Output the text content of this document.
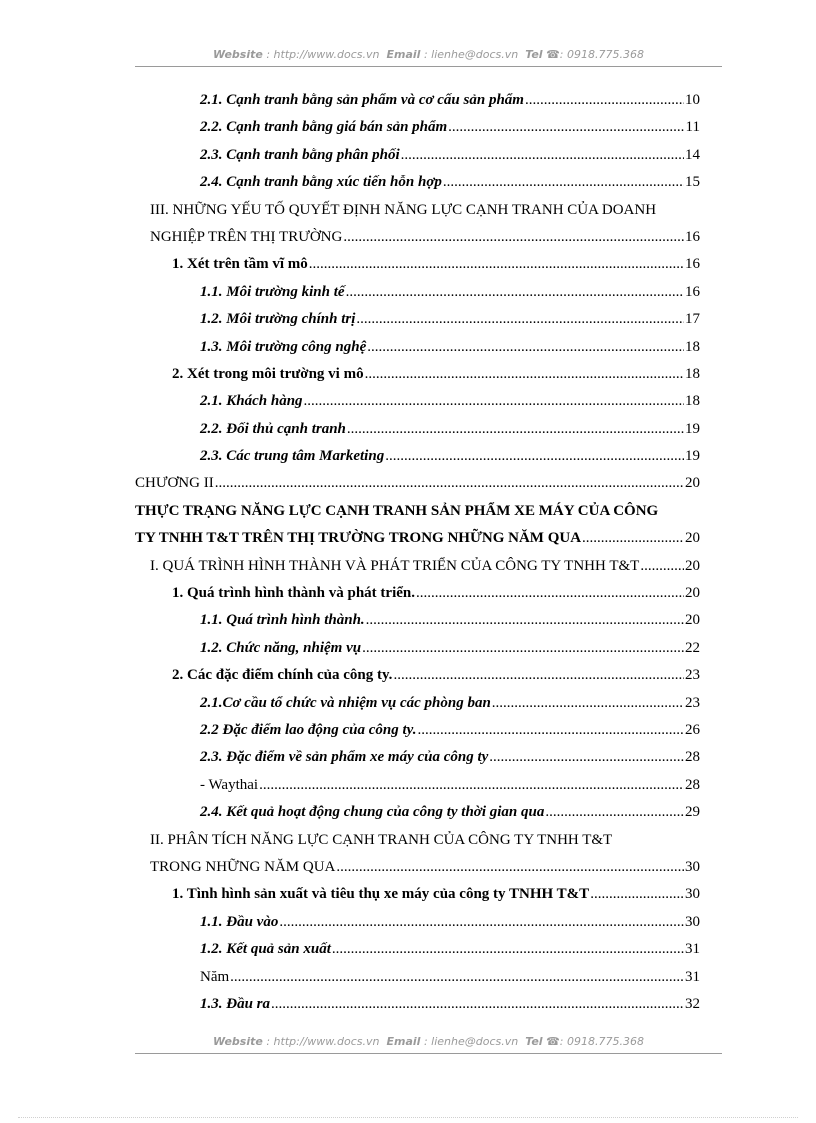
Website : http://www.docs.vn Email : lienhe@docs.vn Tel ☎: 0918.775.368
2.1. Cạnh tranh bằng sản phẩm và cơ cấu sản phẩm .....	10
2.2. Cạnh tranh bằng giá bán sản phẩm .....	11
2.3. Cạnh tranh bằng phân phối .....	14
2.4. Cạnh tranh bằng xúc tiến hỗn hợp .....	15
III. NHỮNG YẾU TỐ QUYẾT ĐỊNH NĂNG LỰC CẠNH TRANH CỦA DOANH
NGHIỆP TRÊN THỊ TRƯỜNG .....	16
1. Xét trên tầm vĩ mô .....	16
1.1. Môi trường kinh tế .....	16
1.2. Môi trường chính trị .....	17
1.3. Môi trường công nghệ .....	18
2. Xét trong môi trường vi mô .....	18
2.1. Khách hàng .....	18
2.2. Đối thủ cạnh tranh .....	19
2.3. Các trung tâm Marketing .....	19
CHƯƠNG II .....	20
THỰC TRẠNG NĂNG LỰC CẠNH TRANH SẢN PHẨM XE MÁY CỦA CÔNG
TY TNHH T&T TRÊN THỊ TRƯỜNG TRONG NHỮNG NĂM QUA .....	20
I. QUÁ TRÌNH HÌNH THÀNH VÀ PHÁT TRIỂN CỦA CÔNG TY TNHH T&T .....	20
1. Quá trình hình thành và phát triển. .....	20
1.1. Quá trình hình thành. .....	20
1.2. Chức năng, nhiệm vụ .....	22
2. Các đặc điểm chính của công ty. .....	23
2.1.Cơ cầu tổ chức và nhiệm vụ các phòng ban .....	23
2.2 Đặc điểm lao động của công ty. .....	26
2.3. Đặc điểm về sản phẩm xe máy của công ty .....	28
- Waythai .....	28
2.4. Kết quả hoạt động chung của công ty thời gian qua .....	29
II. PHÂN TÍCH NĂNG LỰC CẠNH TRANH CỦA CÔNG TY TNHH T&T
TRONG NHỮNG NĂM QUA .....	30
1. Tình hình sản xuất và tiêu thụ xe máy của công ty TNHH T&T .....	30
1.1. Đầu vào .....	30
1.2. Kết quả sản xuất .....	31
Năm .....	31
1.3. Đầu ra .....	32
Website : http://www.docs.vn Email : lienhe@docs.vn Tel ☎: 0918.775.368
